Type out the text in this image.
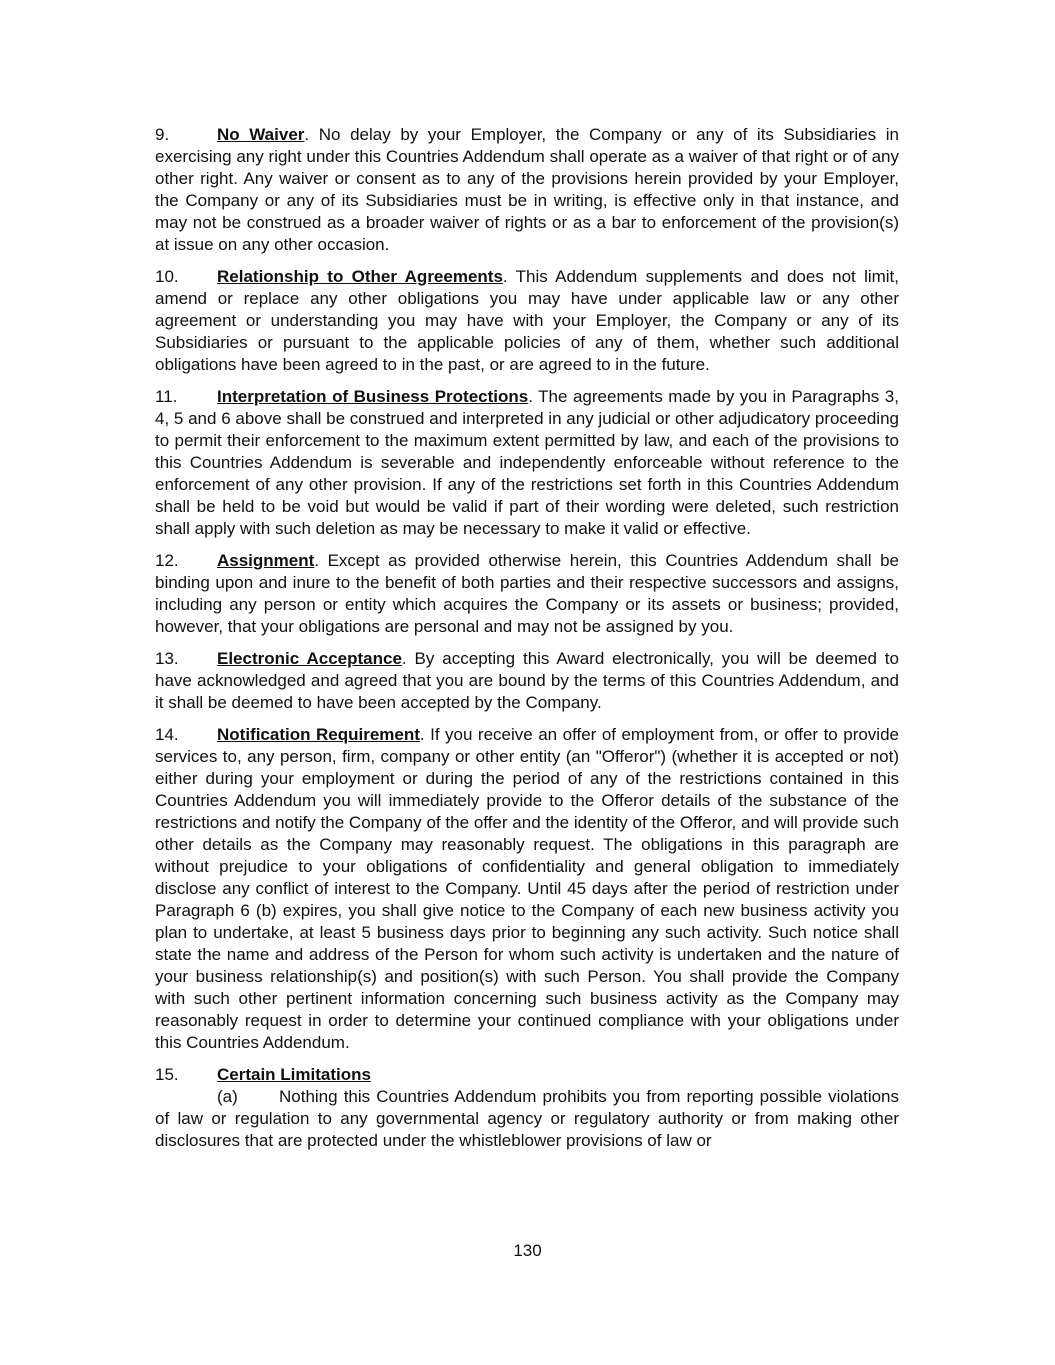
9.	No Waiver. No delay by your Employer, the Company or any of its Subsidiaries in exercising any right under this Countries Addendum shall operate as a waiver of that right or of any other right. Any waiver or consent as to any of the provisions herein provided by your Employer, the Company or any of its Subsidiaries must be in writing, is effective only in that instance, and may not be construed as a broader waiver of rights or as a bar to enforcement of the provision(s) at issue on any other occasion.

10. Relationship to Other Agreements. This Addendum supplements and does not limit, amend or replace any other obligations you may have under applicable law or any other agreement or understanding you may have with your Employer, the Company or any of its Subsidiaries or pursuant to the applicable policies of any of them, whether such additional obligations have been agreed to in the past, or are agreed to in the future.

11. Interpretation of Business Protections. The agreements made by you in Paragraphs 3, 4, 5 and 6 above shall be construed and interpreted in any judicial or other adjudicatory proceeding to permit their enforcement to the maximum extent permitted by law, and each of the provisions to this Countries Addendum is severable and independently enforceable without reference to the enforcement of any other provision. If any of the restrictions set forth in this Countries Addendum shall be held to be void but would be valid if part of their wording were deleted, such restriction shall apply with such deletion as may be necessary to make it valid or effective.

12. Assignment. Except as provided otherwise herein, this Countries Addendum shall be binding upon and inure to the benefit of both parties and their respective successors and assigns, including any person or entity which acquires the Company or its assets or business; provided, however, that your obligations are personal and may not be assigned by you.

13. Electronic Acceptance. By accepting this Award electronically, you will be deemed to have acknowledged and agreed that you are bound by the terms of this Countries Addendum, and it shall be deemed to have been accepted by the Company.

14. Notification Requirement. If you receive an offer of employment from, or offer to provide services to, any person, firm, company or other entity (an "Offeror") (whether it is accepted or not) either during your employment or during the period of any of the restrictions contained in this Countries Addendum you will immediately provide to the Offeror details of the substance of the restrictions and notify the Company of the offer and the identity of the Offeror, and will provide such other details as the Company may reasonably request. The obligations in this paragraph are without prejudice to your obligations of confidentiality and general obligation to immediately disclose any conflict of interest to the Company. Until 45 days after the period of restriction under Paragraph 6 (b) expires, you shall give notice to the Company of each new business activity you plan to undertake, at least 5 business days prior to beginning any such activity. Such notice shall state the name and address of the Person for whom such activity is undertaken and the nature of your business relationship(s) and position(s) with such Person. You shall provide the Company with such other pertinent information concerning such business activity as the Company may reasonably request in order to determine your continued compliance with your obligations under this Countries Addendum.

15. Certain Limitations

(a) Nothing this Countries Addendum prohibits you from reporting possible violations of law or regulation to any governmental agency or regulatory authority or from making other disclosures that are protected under the whistleblower provisions of law or

130
